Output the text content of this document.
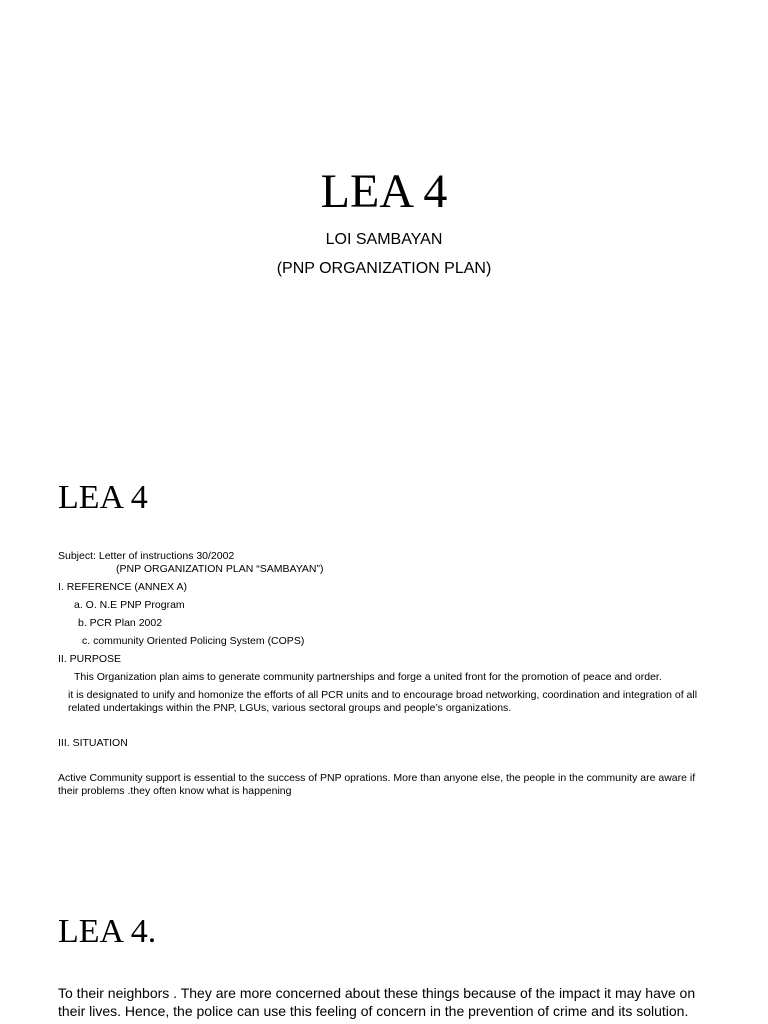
LEA 4
LOI SAMBAYAN
(PNP ORGANIZATION PLAN)
LEA 4

Subject: Letter of instructions 30/2002

(PNP ORGANIZATION PLAN “SAMBAYAN”)

I. REFERENCE (ANNEX A)

a. O. N.E PNP Program

b. PCR Plan 2002

c. community Oriented Policing System (COPS)

II. PURPOSE

This Organization plan aims to generate community partnerships and forge a united front for the promotion of peace and order.

it is designated to unify and homonize the efforts of all PCR units and to encourage broad networking, coordination and integration of all related undertakings within the PNP, LGUs, various sectoral groups and people’s organizations.

III. SITUATION

Active Community support is essential to the success of PNP oprations. More than anyone else, the people in the community are aware if their problems .they often know what is happening

LEA 4.

To their neighbors . They are more concerned about these things because of the impact it may have on their lives. Hence, the police can use this feeling of concern in the prevention of crime and its solution.
